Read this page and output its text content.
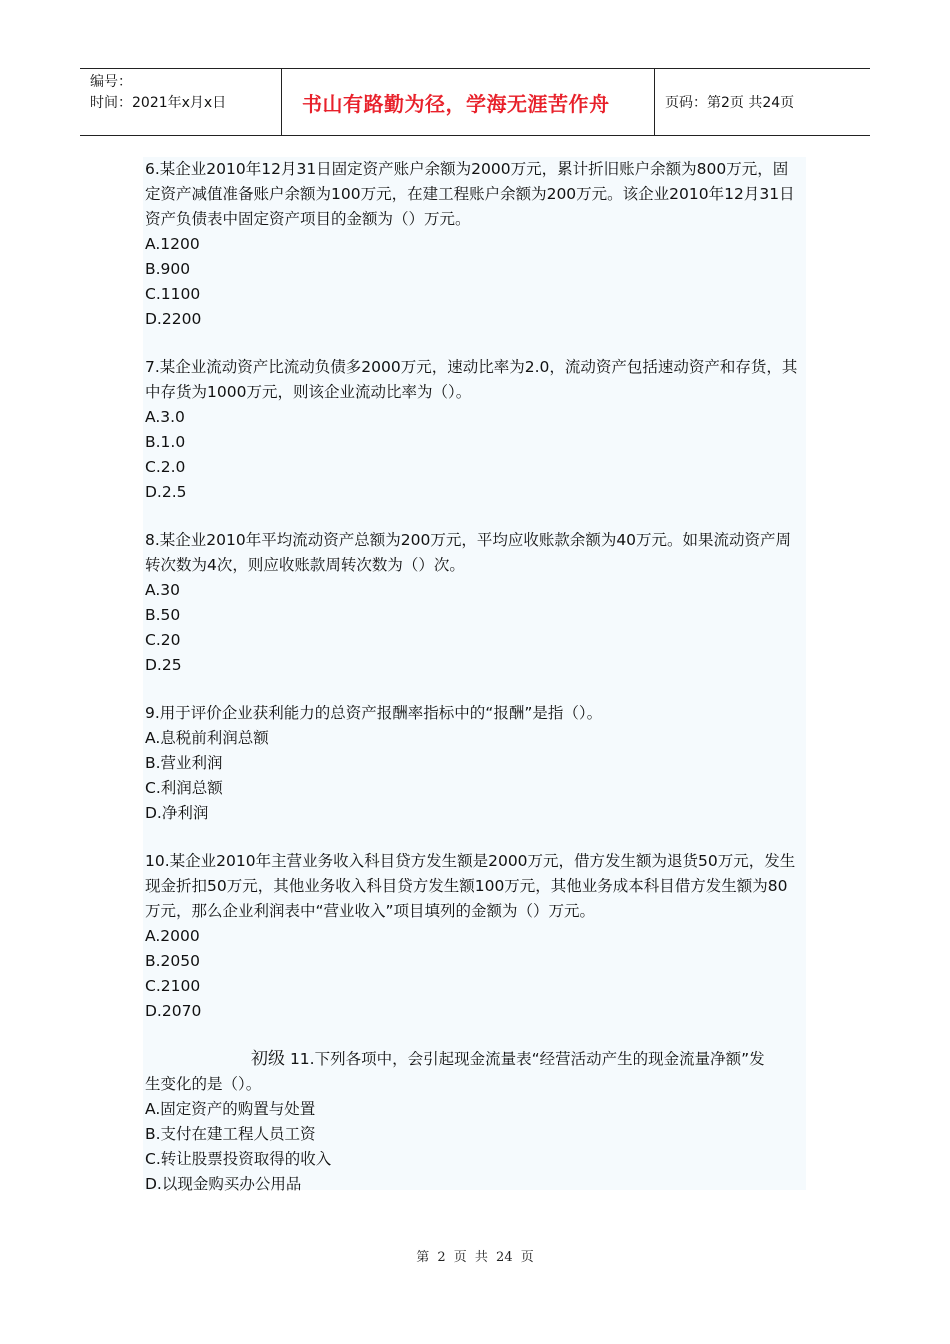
编号：
时间：2021年x月x日	书山有路勤为径，学海无涯苦作舟	页码：第2页 共24页

6.某企业2010年12月31日固定资产账户余额为2000万元，累计折旧账户余额为800万元，固定资产减值准备账户余额为100万元，在建工程账户余额为200万元。该企业2010年12月31日资产负债表中固定资产项目的金额为（）万元。

A.1200

B.900

C.1100

D.2200

7.某企业流动资产比流动负债多2000万元，速动比率为2.0，流动资产包括速动资产和存货，其中存货为1000万元，则该企业流动比率为（）。

A.3.0

B.1.0

C.2.0

D.2.5

8.某企业2010年平均流动资产总额为200万元，平均应收账款余额为40万元。如果流动资产周转次数为4次，则应收账款周转次数为（）次。

A.30

B.50

C.20

D.25

9.用于评价企业获利能力的总资产报酬率指标中的“报酬”是指（）。

A.息税前利润总额

B.营业利润

C.利润总额

D.净利润

10.某企业2010年主营业务收入科目贷方发生额是2000万元，借方发生额为退货50万元，发生现金折扣50万元，其他业务收入科目贷方发生额100万元，其他业务成本科目借方发生额为80万元，那么企业利润表中“营业收入”项目填列的金额为（）万元。

A.2000

B.2050

C.2100

D.2070

初级 11.下列各项中，会引起现金流量表“经营活动产生的现金流量净额”发

生变化的是（）。

A.固定资产的购置与处置

B.支付在建工程人员工资

C.转让股票投资取得的收入

D.以现金购买办公用品

第 2 页 共 24 页
